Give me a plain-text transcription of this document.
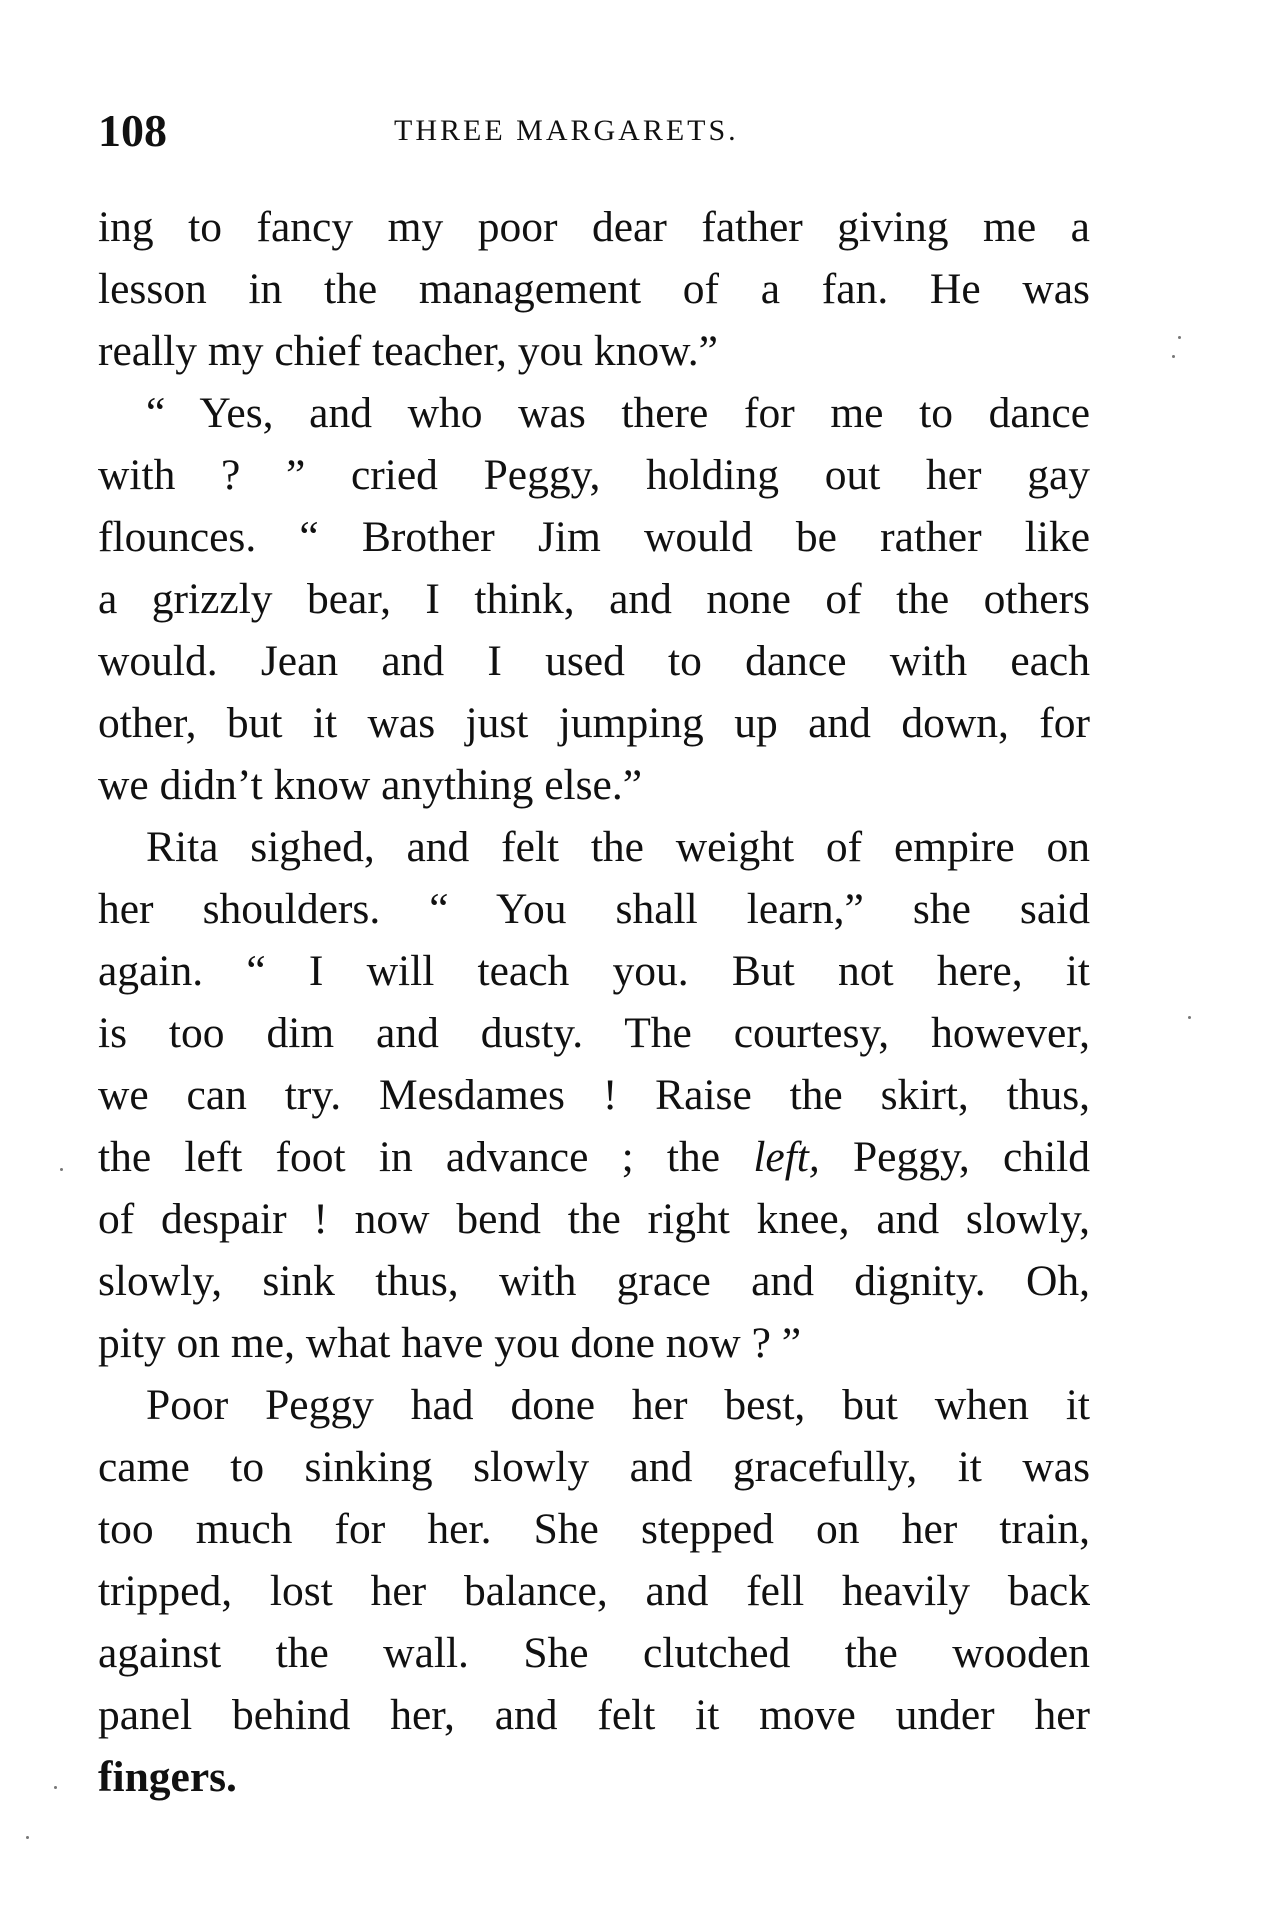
108	THREE MARGARETS.
ing to fancy my poor dear father giving me a
lesson in the management of a fan. He was
really my chief teacher, you know.”
“ Yes, and who was there for me to dance
with ? ” cried Peggy, holding out her gay
flounces. “ Brother Jim would be rather like
a grizzly bear, I think, and none of the others
would. Jean and I used to dance with each
other, but it was just jumping up and down, for
we didn’t know anything else.”
Rita sighed, and felt the weight of empire on
her shoulders. “ You shall learn,” she said
again. “ I will teach you. But not here, it
is too dim and dusty. The courtesy, however,
we can try. Mesdames ! Raise the skirt, thus,
the left foot in advance ; the left, Peggy, child
of despair ! now bend the right knee, and slowly,
slowly, sink thus, with grace and dignity. Oh,
pity on me, what have you done now ? ”
Poor Peggy had done her best, but when it
came to sinking slowly and gracefully, it was
too much for her. She stepped on her train,
tripped, lost her balance, and fell heavily back
against the wall. She clutched the wooden
panel behind her, and felt it move under her
fingers.
